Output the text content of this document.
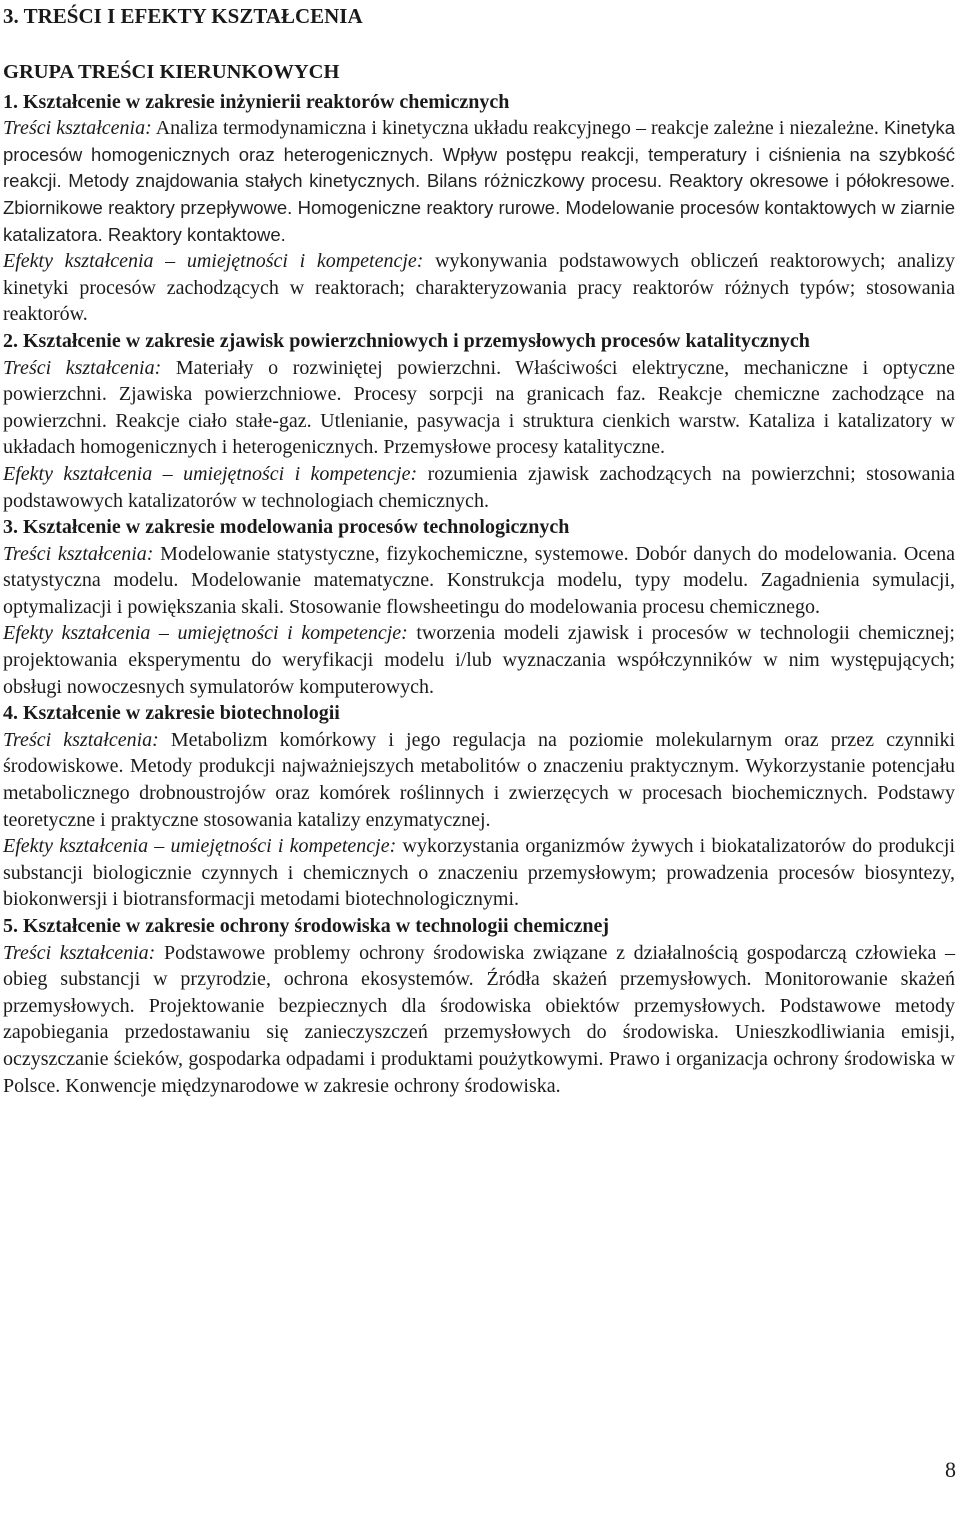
3. TREŚCI I EFEKTY KSZTAŁCENIA
GRUPA TREŚCI KIERUNKOWYCH
1. Kształcenie w zakresie inżynierii reaktorów chemicznych

Treści kształcenia: Analiza termodynamiczna i kinetyczna układu reakcyjnego – reakcje zależne i niezależne. Kinetyka procesów homogenicznych oraz heterogenicznych. Wpływ postępu reakcji, temperatury i ciśnienia na szybkość reakcji. Metody znajdowania stałych kinetycznych. Bilans różniczkowy procesu. Reaktory okresowe i półokresowe. Zbiornikowe reaktory przepływowe. Homogeniczne reaktory rurowe. Modelowanie procesów kontaktowych w ziarnie katalizatora. Reaktory kontaktowe.

Efekty kształcenia – umiejętności i kompetencje: wykonywania podstawowych obliczeń reaktorowych; analizy kinetyki procesów zachodzących w reaktorach; charakteryzowania pracy reaktorów różnych typów; stosowania reaktorów.

2. Kształcenie w zakresie zjawisk powierzchniowych i przemysłowych procesów katalitycznych

Treści kształcenia: Materiały o rozwiniętej powierzchni. Właściwości elektryczne, mechaniczne i optyczne powierzchni. Zjawiska powierzchniowe. Procesy sorpcji na granicach faz. Reakcje chemiczne zachodzące na powierzchni. Reakcje ciało stałe-gaz. Utlenianie, pasywacja i struktura cienkich warstw. Kataliza i katalizatory w układach homogenicznych i heterogenicznych. Przemysłowe procesy katalityczne.

Efekty kształcenia – umiejętności i kompetencje: rozumienia zjawisk zachodzących na powierzchni; stosowania podstawowych katalizatorów w technologiach chemicznych.

3. Kształcenie w zakresie modelowania procesów technologicznych

Treści kształcenia: Modelowanie statystyczne, fizykochemiczne, systemowe. Dobór danych do modelowania. Ocena statystyczna modelu. Modelowanie matematyczne. Konstrukcja modelu, typy modelu. Zagadnienia symulacji, optymalizacji i powiększania skali. Stosowanie flowsheetingu do modelowania procesu chemicznego.

Efekty kształcenia – umiejętności i kompetencje: tworzenia modeli zjawisk i procesów w technologii chemicznej; projektowania eksperymentu do weryfikacji modelu i/lub wyznaczania współczynników w nim występujących; obsługi nowoczesnych symulatorów komputerowych.

4. Kształcenie w zakresie biotechnologii

Treści kształcenia: Metabolizm komórkowy i jego regulacja na poziomie molekularnym oraz przez czynniki środowiskowe. Metody produkcji najważniejszych metabolitów o znaczeniu praktycznym. Wykorzystanie potencjału metabolicznego drobnoustrojów oraz komórek roślinnych i zwierzęcych w procesach biochemicznych. Podstawy teoretyczne i praktyczne stosowania katalizy enzymatycznej.

Efekty kształcenia – umiejętności i kompetencje: wykorzystania organizmów żywych i biokatalizatorów do produkcji substancji biologicznie czynnych i chemicznych o znaczeniu przemysłowym; prowadzenia procesów biosyntezy, biokonwersji i biotransformacji metodami biotechnologicznymi.

5. Kształcenie w zakresie ochrony środowiska w technologii chemicznej

Treści kształcenia: Podstawowe problemy ochrony środowiska związane z działalnością gospodarczą człowieka – obieg substancji w przyrodzie, ochrona ekosystemów. Źródła skażeń przemysłowych. Monitorowanie skażeń przemysłowych. Projektowanie bezpiecznych dla środowiska obiektów przemysłowych. Podstawowe metody zapobiegania przedostawaniu się zanieczyszczeń przemysłowych do środowiska. Unieszkodliwiania emisji, oczyszczanie ścieków, gospodarka odpadami i produktami poużytkowymi. Prawo i organizacja ochrony środowiska w Polsce. Konwencje międzynarodowe w zakresie ochrony środowiska.

8
